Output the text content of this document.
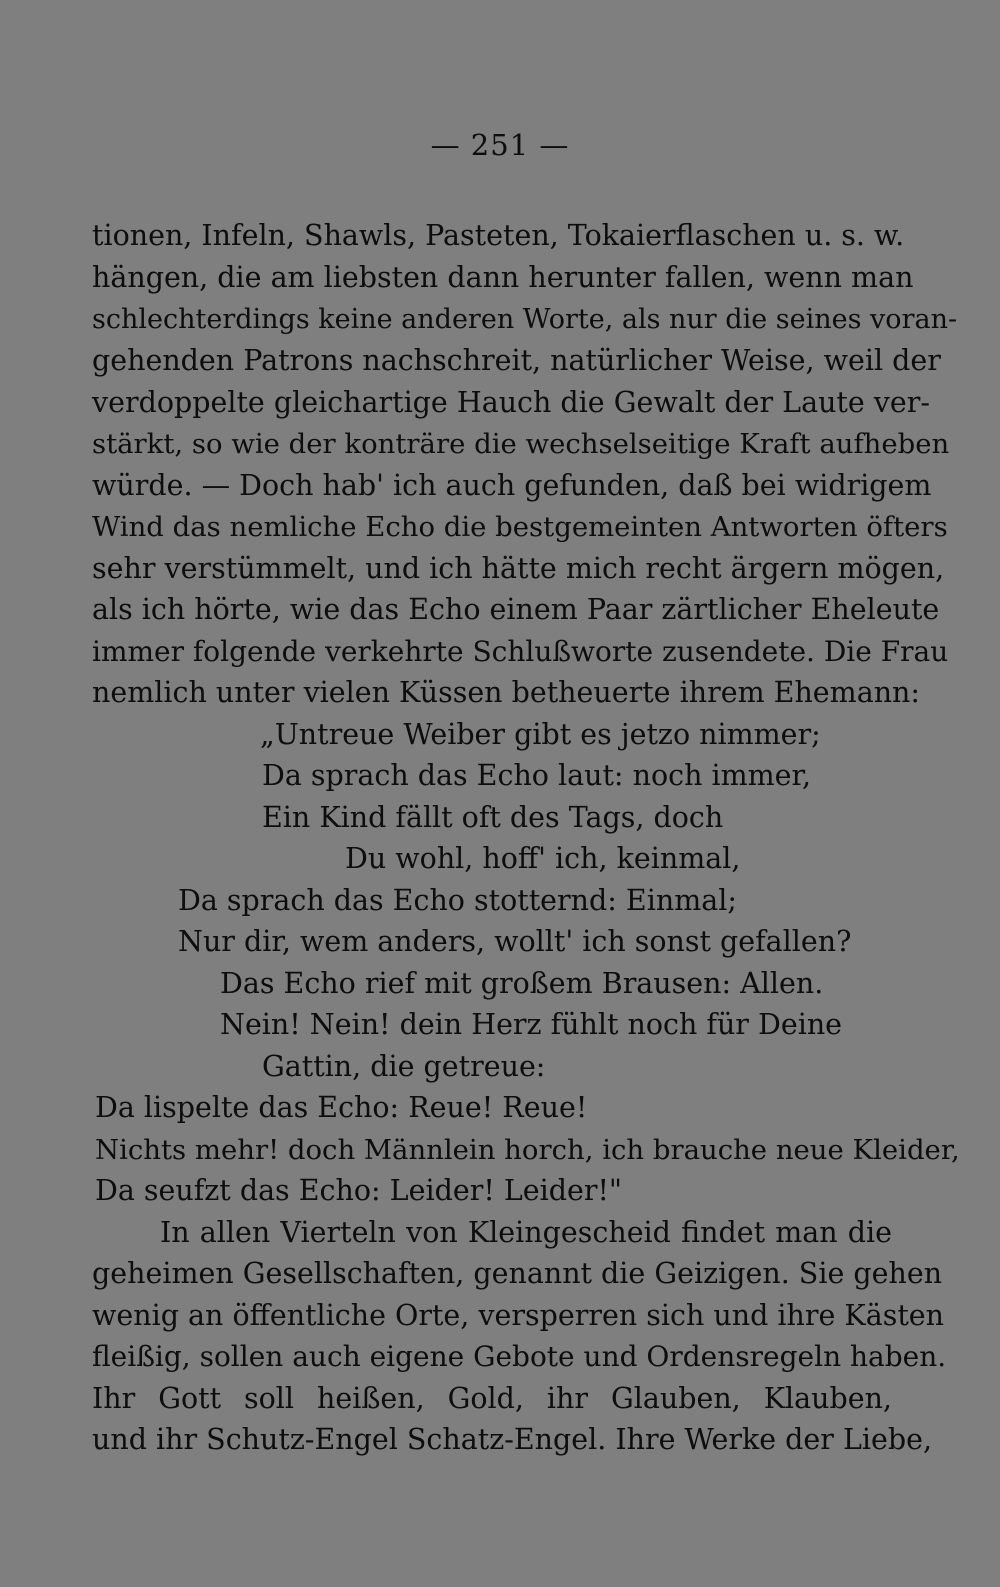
— 251 —
tionen, Infeln, Shawls, Pasteten, Tokaierflaschen u. s. w.
hängen, die am liebsten dann herunter fallen, wenn man
schlechterdings keine anderen Worte, als nur die seines voran-
gehenden Patrons nachschreit, natürlicher Weise, weil der
verdoppelte gleichartige Hauch die Gewalt der Laute ver-
stärkt, so wie der konträre die wechselseitige Kraft aufheben
würde. — Doch hab' ich auch gefunden, daß bei widrigem
Wind das nemliche Echo die bestgemeinten Antworten öfters
sehr verstümmelt, und ich hätte mich recht ärgern mögen,
als ich hörte, wie das Echo einem Paar zärtlicher Eheleute
immer folgende verkehrte Schlußworte zusendete. Die Frau
nemlich unter vielen Küssen betheuerte ihrem Ehemann:
„Untreue Weiber gibt es jetzo nimmer;
Da sprach das Echo laut: noch immer,
Ein Kind fällt oft des Tags, doch
Du wohl, hoff' ich, keinmal,
Da sprach das Echo stotternd: Einmal;
Nur dir, wem anders, wollt' ich sonst gefallen?
Das Echo rief mit großem Brausen: Allen.
Nein! Nein! dein Herz fühlt noch für Deine
Gattin, die getreue:
Da lispelte das Echo: Reue! Reue!
Nichts mehr! doch Männlein horch, ich brauche neue Kleider,
Da seufzt das Echo: Leider! Leider!"
In allen Vierteln von Kleingescheid findet man die
geheimen Gesellschaften, genannt die Geizigen. Sie gehen
wenig an öffentliche Orte, versperren sich und ihre Kästen
fleißig, sollen auch eigene Gebote und Ordensregeln haben.
Ihr Gott soll heißen, Gold, ihr Glauben, Klauben,
und ihr Schutz-Engel Schatz-Engel. Ihre Werke der Liebe,
